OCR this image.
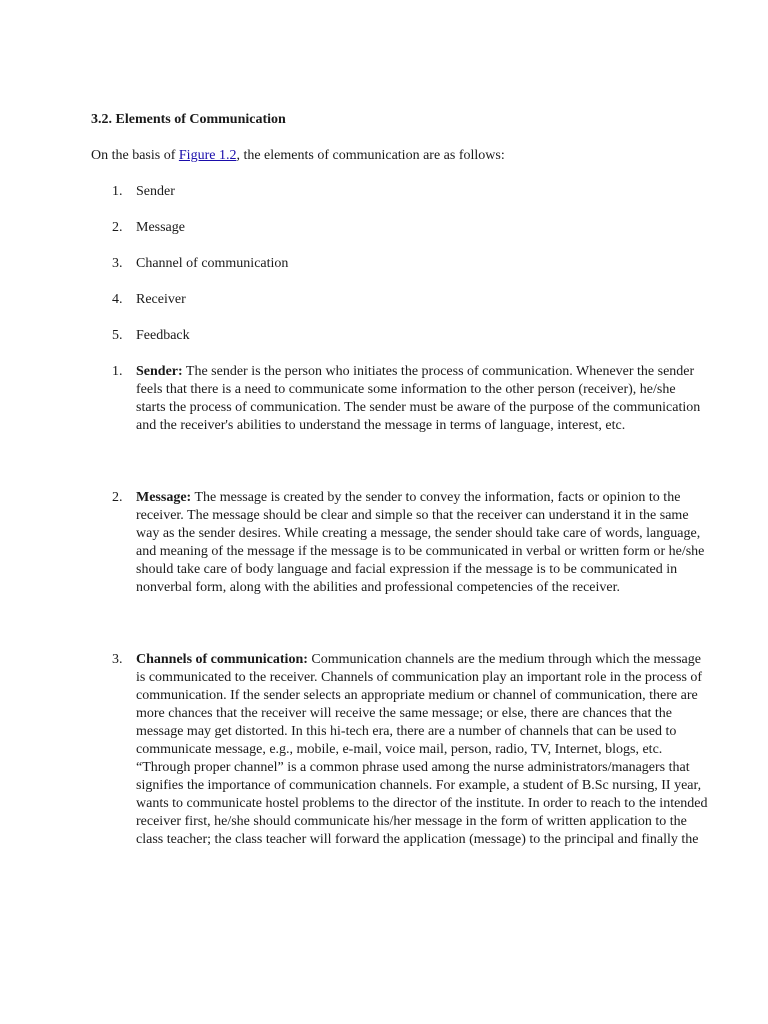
3.2. Elements of Communication

On the basis of Figure 1.2, the elements of communication are as follows:

1. Sender
2. Message
3. Channel of communication
4. Receiver
5. Feedback
1. Sender: The sender is the person who initiates the process of communication. Whenever the sender feels that there is a need to communicate some information to the other person (receiver), he/she starts the process of communication. The sender must be aware of the purpose of the communication and the receiver's abilities to understand the message in terms of language, interest, etc.
2. Message: The message is created by the sender to convey the information, facts or opinion to the receiver. The message should be clear and simple so that the receiver can understand it in the same way as the sender desires. While creating a message, the sender should take care of words, language, and meaning of the message if the message is to be communicated in verbal or written form or he/she should take care of body language and facial expression if the message is to be communicated in nonverbal form, along with the abilities and professional competencies of the receiver.
3. Channels of communication: Communication channels are the medium through which the message is communicated to the receiver. Channels of communication play an important role in the process of communication. If the sender selects an appropriate medium or channel of communication, there are more chances that the receiver will receive the same message; or else, there are chances that the message may get distorted. In this hi-tech era, there are a number of channels that can be used to communicate message, e.g., mobile, e-mail, voice mail, person, radio, TV, Internet, blogs, etc. “Through proper channel” is a common phrase used among the nurse administrators/managers that signifies the importance of communication channels. For example, a student of B.Sc nursing, II year, wants to communicate hostel problems to the director of the institute. In order to reach to the intended receiver first, he/she should communicate his/her message in the form of written application to the class teacher; the class teacher will forward the application (message) to the principal and finally the
